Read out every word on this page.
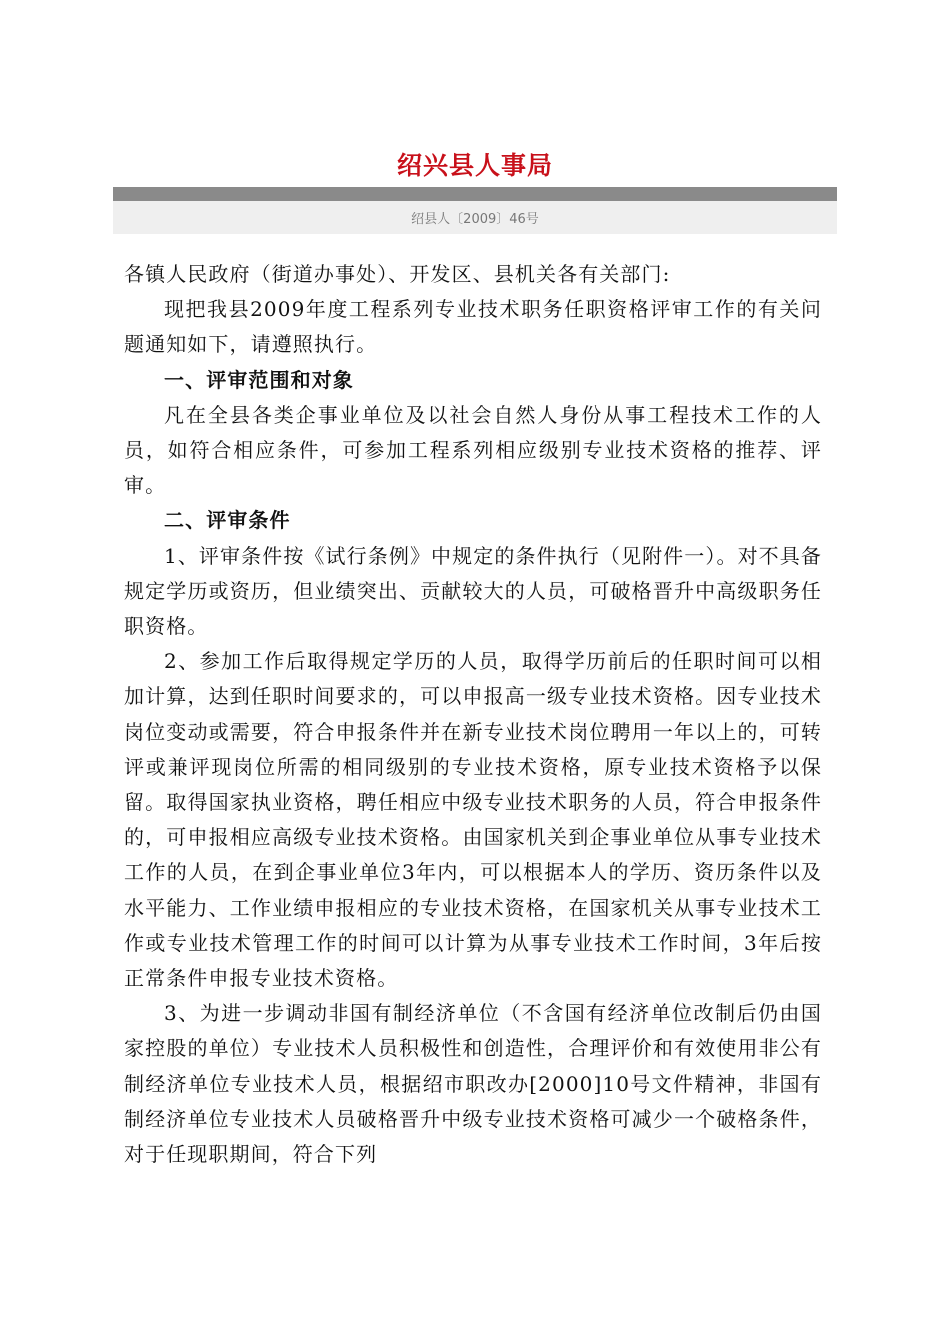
绍兴县人事局
绍县人〔2009〕46号

各镇人民政府（街道办事处）、开发区、县机关各有关部门:

现把我县2009年度工程系列专业技术职务任职资格评审工作的有关问题通知如下，请遵照执行。

一、评审范围和对象

凡在全县各类企事业单位及以社会自然人身份从事工程技术工作的人员，如符合相应条件，可参加工程系列相应级别专业技术资格的推荐、评审。

二、评审条件

1、评审条件按《试行条例》中规定的条件执行（见附件一）。对不具备规定学历或资历，但业绩突出、贡献较大的人员，可破格晋升中高级职务任职资格。

2、参加工作后取得规定学历的人员，取得学历前后的任职时间可以相加计算，达到任职时间要求的，可以申报高一级专业技术资格。因专业技术岗位变动或需要，符合申报条件并在新专业技术岗位聘用一年以上的，可转评或兼评现岗位所需的相同级别的专业技术资格，原专业技术资格予以保留。取得国家执业资格，聘任相应中级专业技术职务的人员，符合申报条件的，可申报相应高级专业技术资格。由国家机关到企事业单位从事专业技术工作的人员，在到企事业单位3年内，可以根据本人的学历、资历条件以及水平能力、工作业绩申报相应的专业技术资格，在国家机关从事专业技术工作或专业技术管理工作的时间可以计算为从事专业技术工作时间，3年后按正常条件申报专业技术资格。

3、为进一步调动非国有制经济单位（不含国有经济单位改制后仍由国家控股的单位）专业技术人员积极性和创造性，合理评价和有效使用非公有制经济单位专业技术人员，根据绍市职改办[2000]10号文件精神，非国有制经济单位专业技术人员破格晋升中级专业技术资格可减少一个破格条件，对于任现职期间，符合下列
